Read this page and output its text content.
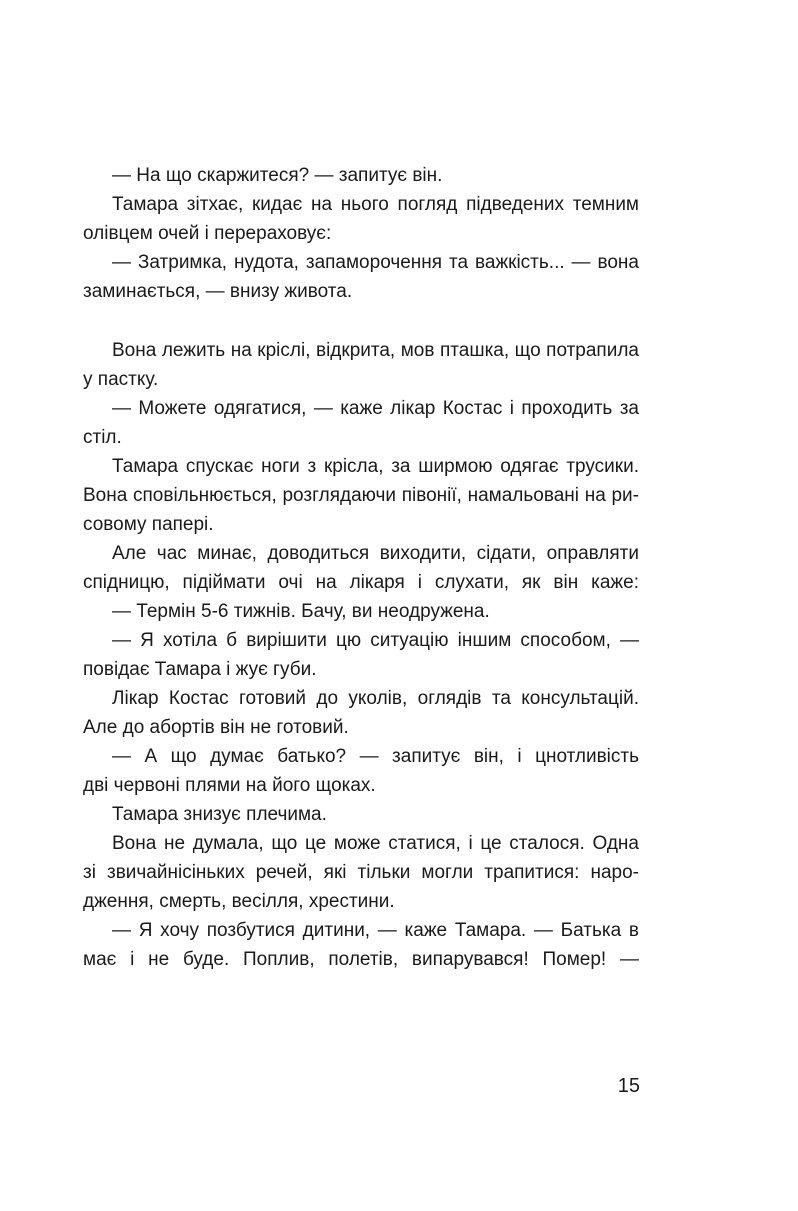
— На що скаржитеся? — запитує він.
Тамара зітхає, кидає на нього погляд підведених темним
олівцем очей і перераховує:
— Затримка, нудота, запаморочення та важкість... — вона
заминається, — внизу живота.
Вона лежить на кріслі, відкрита, мов пташка, що потрапила
у пастку.
— Можете одягатися, — каже лікар Костас і проходить за
стіл.
Тамара спускає ноги з крісла, за ширмою одягає трусики.
Вона сповільнюється, розглядаючи півонії, намальовані на ри-
совому папері.
Але час минає, доводиться виходити, сідати, оправляти
спідницю, підіймати очі на лікаря і слухати, як він каже:
— Термін 5-6 тижнів. Бачу, ви неодружена.
— Я хотіла б вирішити цю ситуацію іншим способом, —
повідає Тамара і жує губи.
Лікар Костас готовий до уколів, оглядів та консультацій.
Але до абортів він не готовий.
— А що думає батько? — запитує він, і цнотливість
дві червоні плями на його щоках.
Тамара знизує плечима.
Вона не думала, що це може статися, і це сталося. Одна
зі звичайнісіньких речей, які тільки могли трапитися: наро-
дження, смерть, весілля, хрестини.
— Я хочу позбутися дитини, — каже Тамара. — Батька в
має і не буде. Поплив, полетів, випарувався! Помер! —
15
